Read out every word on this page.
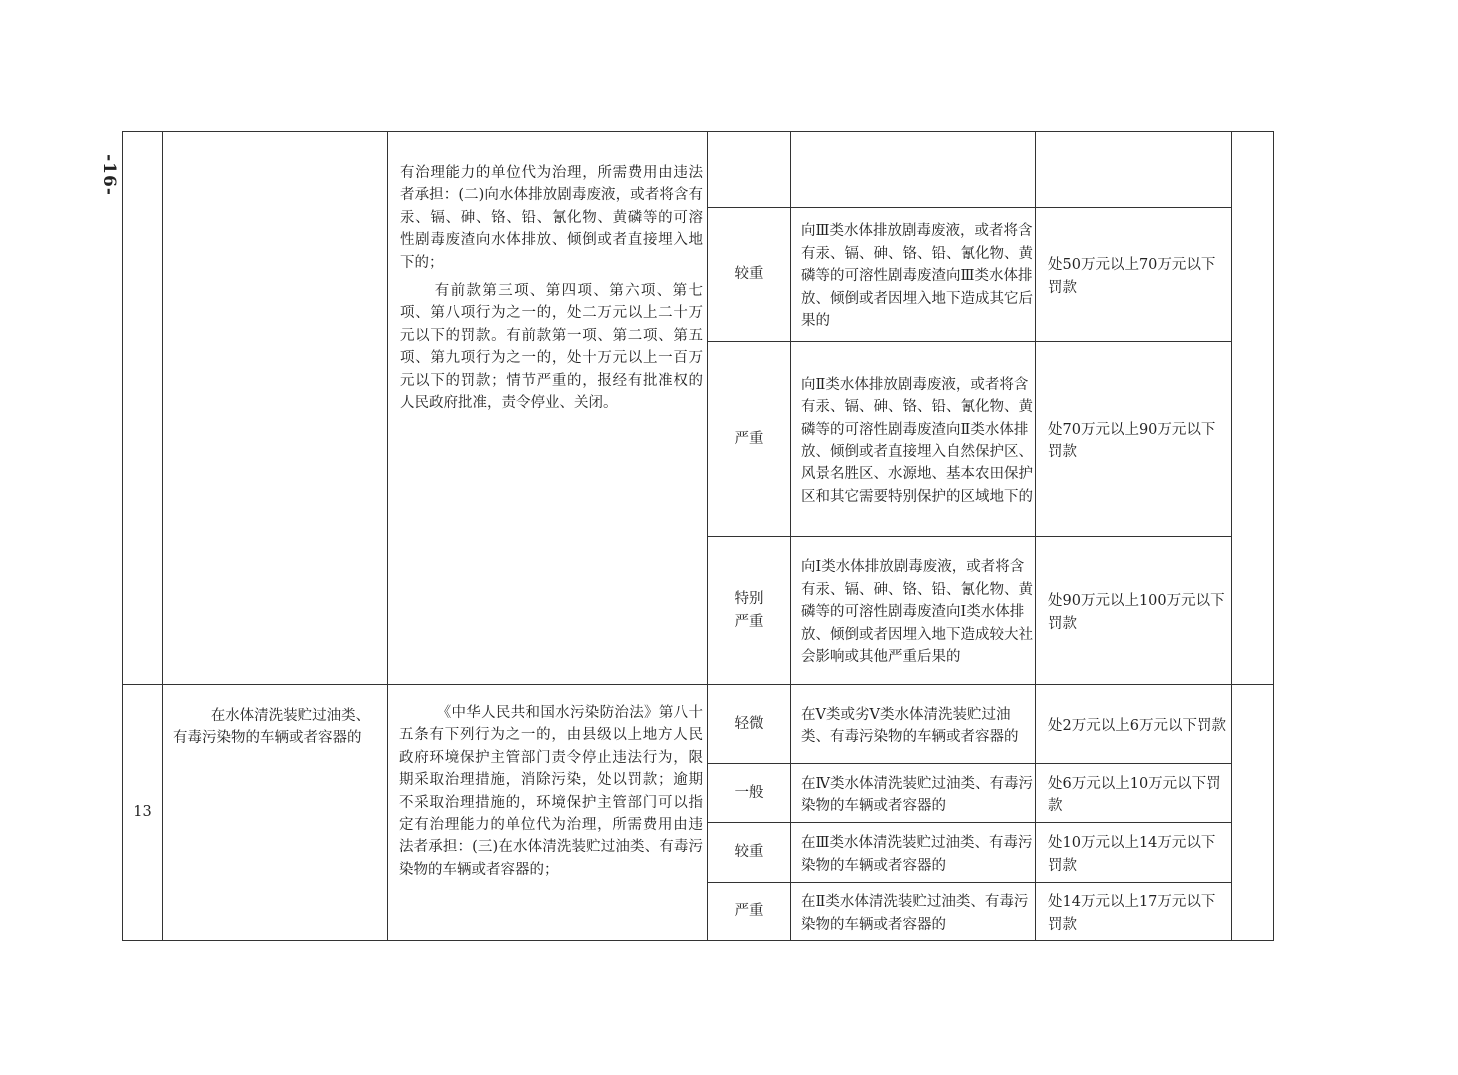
-16-

		有治理能力的单位代为治理，所需费用由违法者承担：(二)向水体排放剧毒废液，或者将含有汞、镉、砷、铬、铅、氰化物、黄磷等的可溶性剧毒废渣向水体排放、倾倒或者直接埋入地下的；

有前款第三项、第四项、第六项、第七项、第八项行为之一的，处二万元以上二十万元以下的罚款。有前款第一项、第二项、第五项、第九项行为之一的，处十万元以上一百万元以下的罚款；情节严重的，报经有批准权的人民政府批准，责令停业、关闭。				

			较重	向Ⅲ类水体排放剧毒废液，或者将含有汞、镉、砷、铬、铅、氰化物、黄磷等的可溶性剧毒废渣向Ⅲ类水体排放、倾倒或者因埋入地下造成其它后果的	处50万元以上70万元以下罚款	
			严重	向Ⅱ类水体排放剧毒废液，或者将含有汞、镉、砷、铬、铅、氰化物、黄磷等的可溶性剧毒废渣向Ⅱ类水体排放、倾倒或者直接埋入自然保护区、风景名胜区、水源地、基本农田保护区和其它需要特别保护的区域地下的	处70万元以上90万元以下罚款	
			特别严重	向Ⅰ类水体排放剧毒废液，或者将含有汞、镉、砷、铬、铅、氰化物、黄磷等的可溶性剧毒废渣向Ⅰ类水体排放、倾倒或者因埋入地下造成较大社会影响或其他严重后果的	处90万元以上100万元以下罚款	
13	在水体清洗装贮过油类、有毒污染物的车辆或者容器的	《中华人民共和国水污染防治法》第八十五条有下列行为之一的，由县级以上地方人民政府环境保护主管部门责令停止违法行为，限期采取治理措施，消除污染，处以罚款；逾期不采取治理措施的，环境保护主管部门可以指定有治理能力的单位代为治理，所需费用由违法者承担：(三)在水体清洗装贮过油类、有毒污染物的车辆或者容器的；	轻微	在Ⅴ类或劣Ⅴ类水体清洗装贮过油类、有毒污染物的车辆或者容器的	处2万元以上6万元以下罚款	
			一般	在Ⅳ类水体清洗装贮过油类、有毒污染物的车辆或者容器的	处6万元以上10万元以下罚款	
			较重	在Ⅲ类水体清洗装贮过油类、有毒污染物的车辆或者容器的	处10万元以上14万元以下罚款	
			严重	在Ⅱ类水体清洗装贮过油类、有毒污染物的车辆或者容器的	处14万元以上17万元以下罚款	
